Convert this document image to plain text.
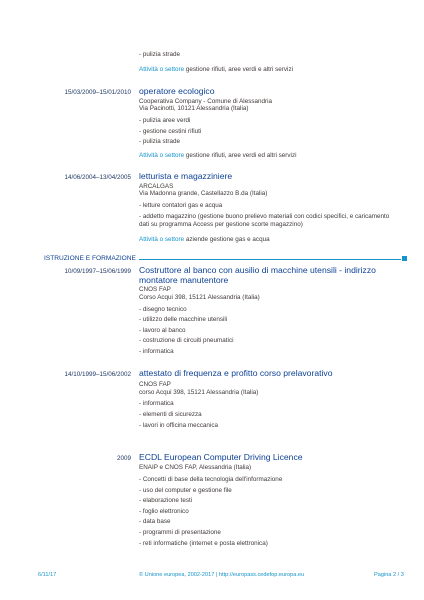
- pulizia strade
Attività o settore gestione rifiuti, aree verdi e altri servizi
15/03/2009–15/01/2010 operatore ecologico
Cooperativa Company - Comune di Alessandria
Via Pacinotti, 10121 Alessandria (Italia)
- pulizia aree verdi
- gestione cestini rifiuti
- pulizia strade
Attività o settore gestione rifiuti, aree verdi ed altri servizi
14/06/2004–13/04/2005 letturista e magazziniere
ARCALGAS
Via Madonna grande, Castellazzo B.da (Italia)
- letture contatori gas e acqua
- addetto magazzino (gestione buono prelievo materiali con codici specifici, e caricamento dati su programma Access per gestione scorte magazzino)
Attività o settore aziende gestione gas e acqua
ISTRUZIONE E FORMAZIONE
10/09/1997–15/06/1999 Costruttore al banco con ausilio di macchine utensili - indirizzo montatore manutentore
CNOS FAP
Corso Acqui 398, 15121 Alessandria (Italia)
- disegno tecnico
- utilizzo delle macchine utensili
- lavoro al banco
- costruzione di circuiti pneumatici
- informatica
14/10/1999–15/06/2002 attestato di frequenza e profitto corso prelavorativo
CNOS FAP
corso Acqui 398, 15121 Alessandria (Italia)
- informatica
- elementi di sicurezza
- lavori in officina meccanica
2009 ECDL European Computer Driving Licence
ENAIP e CNOS FAP, Alessandria (Italia)
- Concetti di base della tecnologia dell'informazione
- uso del computer e gestione file
- elaborazione testi
- foglio elettronico
- data base
- programmi di presentazione
- reti informatiche (internet e posta elettronica)
6/11/17	© Unione europea, 2002-2017 | http://europass.cedefop.europa.eu	Pagina 2 / 3
